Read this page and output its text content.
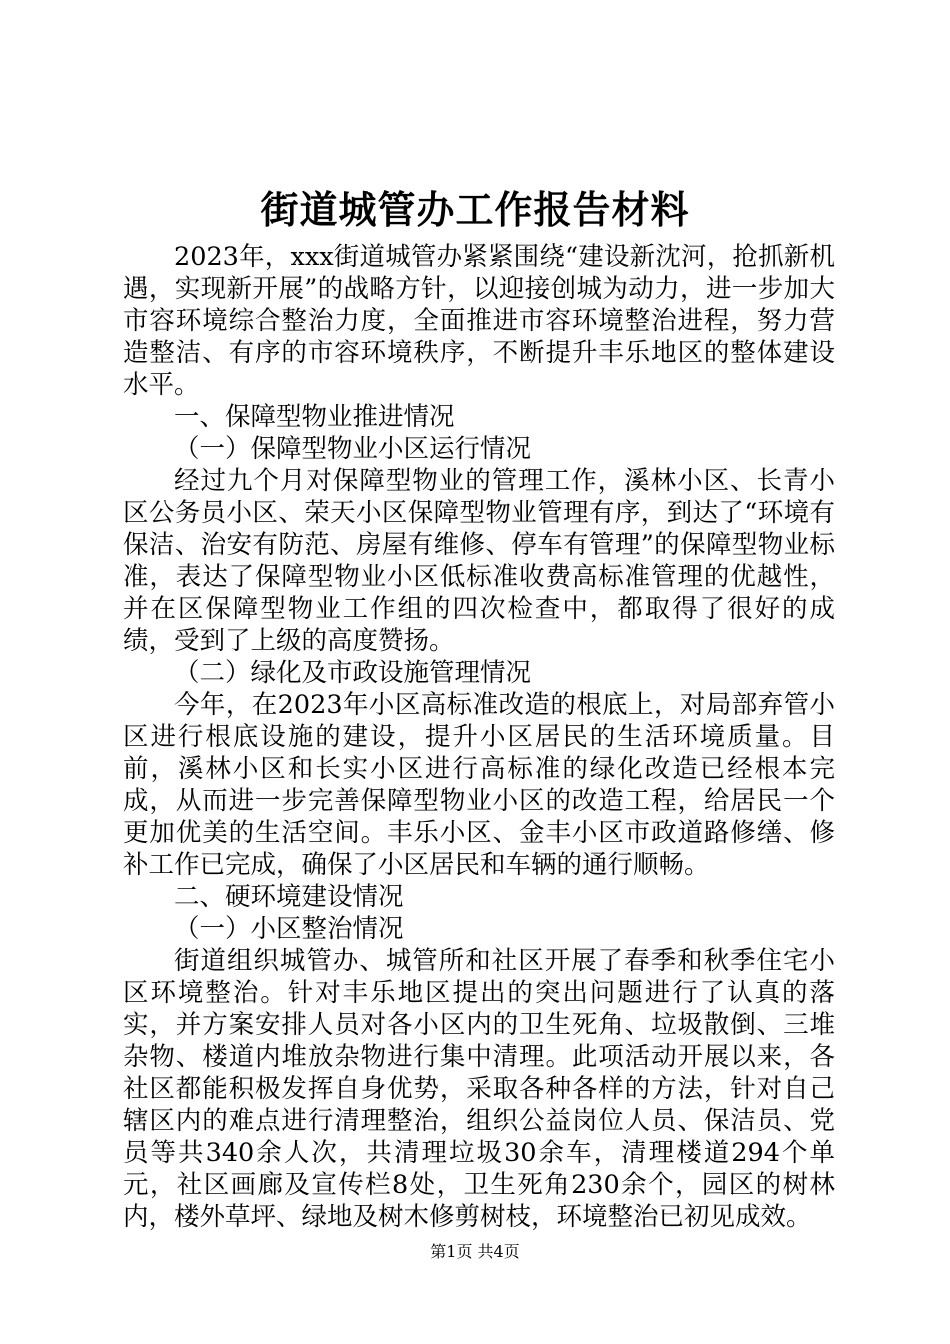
街道城管办工作报告材料

2023年，xxx街道城管办紧紧围绕“建设新沈河，抢抓新机遇，实现新开展”的战略方针，以迎接创城为动力，进一步加大市容环境综合整治力度，全面推进市容环境整治进程，努力营造整洁、有序的市容环境秩序，不断提升丰乐地区的整体建设水平。

一、保障型物业推进情况

（一）保障型物业小区运行情况

经过九个月对保障型物业的管理工作，溪林小区、长青小区公务员小区、荣天小区保障型物业管理有序，到达了“环境有保洁、治安有防范、房屋有维修、停车有管理”的保障型物业标准，表达了保障型物业小区低标准收费高标准管理的优越性，并在区保障型物业工作组的四次检查中，都取得了很好的成绩，受到了上级的高度赞扬。

（二）绿化及市政设施管理情况

今年，在2023年小区高标准改造的根底上，对局部弃管小区进行根底设施的建设，提升小区居民的生活环境质量。目前，溪林小区和长实小区进行高标准的绿化改造已经根本完成，从而进一步完善保障型物业小区的改造工程，给居民一个更加优美的生活空间。丰乐小区、金丰小区市政道路修缮、修补工作已完成，确保了小区居民和车辆的通行顺畅。

二、硬环境建设情况

（一）小区整治情况

街道组织城管办、城管所和社区开展了春季和秋季住宅小区环境整治。针对丰乐地区提出的突出问题进行了认真的落实，并方案安排人员对各小区内的卫生死角、垃圾散倒、三堆杂物、楼道内堆放杂物进行集中清理。此项活动开展以来，各社区都能积极发挥自身优势，采取各种各样的方法，针对自己辖区内的难点进行清理整治，组织公益岗位人员、保洁员、党员等共340余人次，共清理垃圾30余车，清理楼道294个单元，社区画廊及宣传栏8处，卫生死角230余个，园区的树林内，楼外草坪、绿地及树木修剪树枝，环境整治已初见成效。

第1页 共4页
